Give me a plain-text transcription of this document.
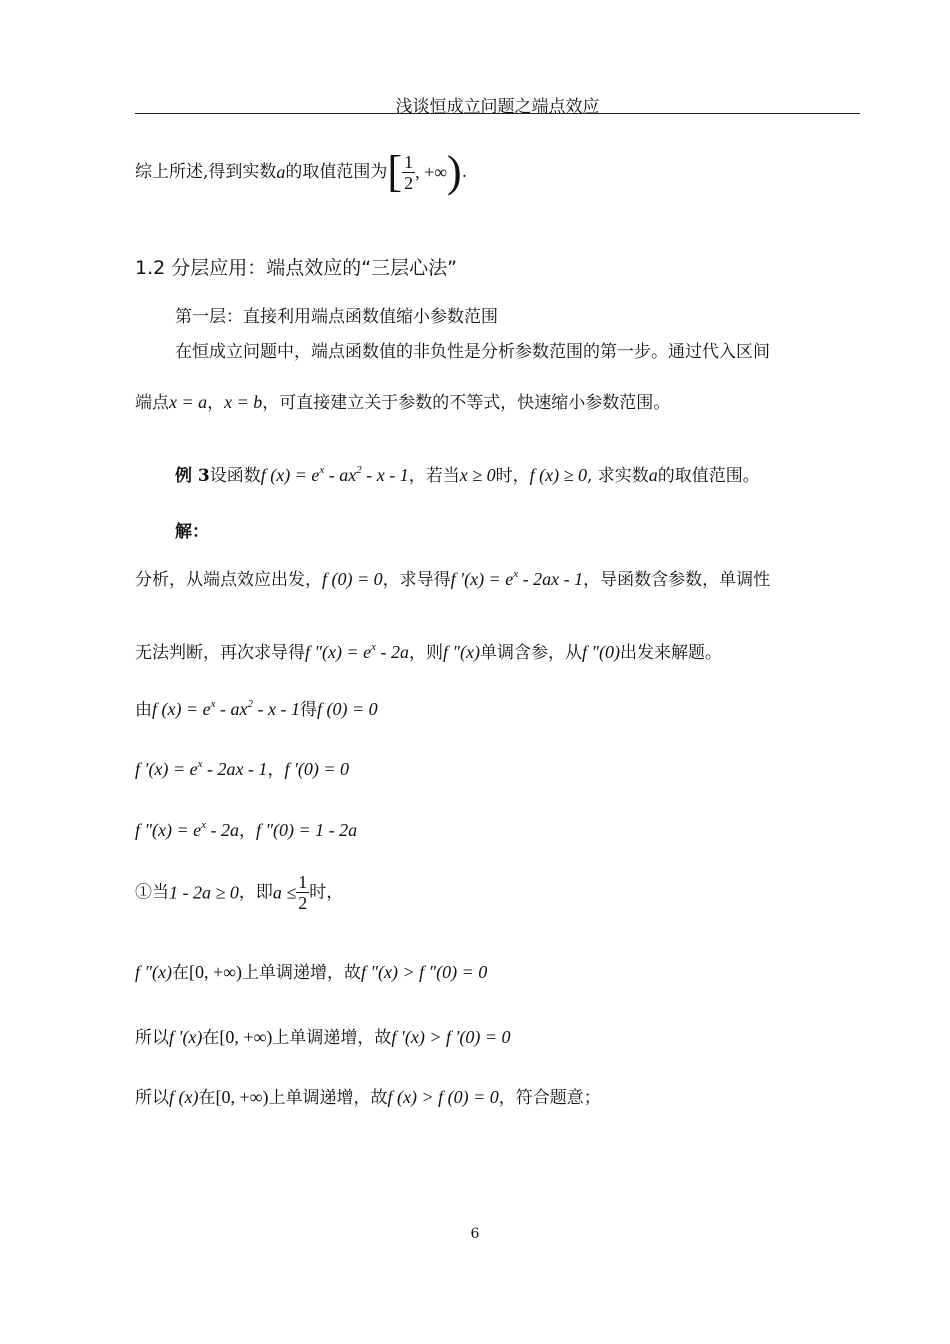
浅谈恒成立问题之端点效应
综上所述,得到实数a的取值范围为[ $\frac{1}{2}$ , +∞).
1.2 分层应用：端点效应的“三层心法”
第一层：直接利用端点函数值缩小参数范围
在恒成立问题中，端点函数值的非负性是分析参数范围的第一步。通过代入区间
端点x = a，x = b，可直接建立关于参数的不等式，快速缩小参数范围。
例 3设函数f $(x) = e^x - ax^2 - x - 1$，若当x ≥ 0时，f (x) ≥ 0, 求实数a的取值范围。
解：
分析，从端点效应出发，f (0) = 0，求导得f $'(x) = e^x - 2ax - 1$，导函数含参数，单调性
无法判断，再次求导得f $''(x) = e^x - 2a$，则f ″(x)单调含参，从f ″(0)出发来解题。
由f $(x) = e^x - ax^2 - x - 1$得f (0) = 0
f $'(x) = e^x - 2ax - 1$，f ′(0) = 0
f $''(x) = e^x - 2a$，f ″(0) = 1 - 2a
①当1 - 2a ≥ 0，即$a \le \frac{1}{2}$ 时，
f ″(x)在[0, +∞)上单调递增，故f ″(x) > f ″(0) = 0
所以f ′(x)在[0, +∞)上单调递增，故f ′(x) > f ′(0) = 0
所以f (x)在[0, +∞)上单调递增，故f (x) > f (0) = 0，符合题意；
6
